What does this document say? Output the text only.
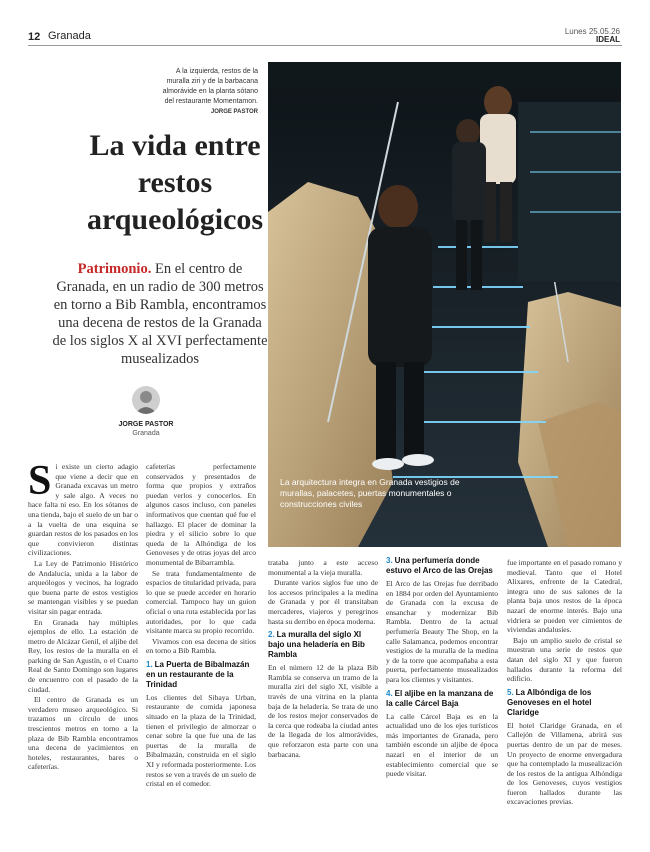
12 Granada	Lunes 25.05.26
IDEAL
A la izquierda, restos de la muralla ziri y de la barbacana almorávide en la planta sótano del restaurante Momentamon. JORGE PASTOR
La vida entre restos arqueológicos
Patrimonio. En el centro de Granada, en un radio de 300 metros en torno a Bib Rambla, encontramos una decena de restos de la Granada de los siglos X al XVI perfectamente musealizados
JORGE PASTOR
Granada
La arquitectura integra en Granada vestigios de murallas, palacetes, puertas monumentales o construcciones civiles

Si existe un cierto adagio que viene a decir que en Granada excavas un metro y sale algo. A veces no hace falta ni eso. En los sótanos de una tienda, bajo el suelo de un bar o a la vuelta de una esquina se guardan restos de los pasados en los que convivieron distintas civilizaciones.

La Ley de Patrimonio Histórico de Andalucía, unida a la labor de arqueólogos y vecinos, ha logrado que buena parte de estos vestigios se mantengan visibles y se puedan visitar sin pagar entrada.

En Granada hay múltiples ejemplos de ello. La estación de metro de Alcázar Genil, el aljibe del Rey, los restos de la muralla en el parking de San Agustín, o el Cuarto Real de Santo Domingo son lugares de encuentro con el pasado de la ciudad.

El centro de Granada es un verdadero museo arqueológico. Si trazamos un círculo de unos trescientos metros en torno a la plaza de Bib Rambla encontramos una decena de yacimientos en hoteles, restaurantes, bares o cafeterías.

cafeterías perfectamente conservados y presentados de forma que propios y extraños puedan verlos y conocerlos. En algunos casos incluso, con paneles informativos que cuentan qué fue el hallazgo. El placer de dominar la piedra y el silicio sobre lo que queda de la Alhóndiga de los Genoveses y de otras joyas del arco monumental de Bibarrambla.

Se trata fundamentalmente de espacios de titularidad privada, para lo que se puede acceder en horario comercial. Tampoco hay un guion oficial o una ruta establecida por las autoridades, por lo que cada visitante marca su propio recorrido.

Vivamos con esa decena de sitios en torno a Bib Rambla.

1. La Puerta de Bibalmazán en un restaurante de la Trinidad

Los clientes del Sibaya Urban, restaurante de comida japonesa situado en la plaza de la Trinidad, tienen el privilegio de almorzar o cenar sobre la que fue una de las puertas de la muralla de Bibalmazán, construida en el siglo XI y reformada posteriormente. Los restos se ven a través de un suelo de cristal en el comedor.

trataba junto a este acceso monumental a la vieja muralla.

Durante varios siglos fue uno de los accesos principales a la medina de Granada y por él transitaban mercaderes, viajeros y peregrinos hasta su derribo en época moderna.

2. La muralla del siglo XI bajo una heladería en Bib Rambla

En el número 12 de la plaza Bib Rambla se conserva un tramo de la muralla ziri del siglo XI, visible a través de una vitrina en la planta baja de la heladería. Se trata de uno de los restos mejor conservados de la cerca que rodeaba la ciudad antes de la llegada de los almorávides, que reforzaron esta parte con una barbacana.

3. Una perfumería donde estuvo el Arco de las Orejas

El Arco de las Orejas fue derribado en 1884 por orden del Ayuntamiento de Granada con la excusa de ensanchar y modernizar Bib Rambla. Dentro de la actual perfumería Beauty The Shop, en la calle Salamanca, podemos encontrar vestigios de la muralla de la medina y de la torre que acompañaba a esta puerta, perfectamente musealizados para los clientes y visitantes.

4. El aljibe en la manzana de la calle Cárcel Baja

La calle Cárcel Baja es en la actualidad uno de los ejes turísticos más importantes de Granada, pero también esconde un aljibe de época nazarí en el interior de un establecimiento comercial que se puede visitar.

fue importante en el pasado romano y medieval. Tanto que el Hotel Alixares, enfrente de la Catedral, integra uno de sus salones de la planta baja unos restos de la época nazarí de enorme interés. Bajo una vidriera se pueden ver cimientos de viviendas andalusíes.

Bajo un amplio suelo de cristal se muestran una serie de restos que datan del siglo XI y que fueron hallados durante la reforma del edificio.

5. La Albóndiga de los Genoveses en el hotel Claridge

El hotel Claridge Granada, en el Callejón de Villamena, abrirá sus puertas dentro de un par de meses. Un proyecto de enorme envergadura que ha contemplado la musealización de los restos de la antigua Alhóndiga de los Genoveses, cuyos vestigios fueron hallados durante las excavaciones previas.
